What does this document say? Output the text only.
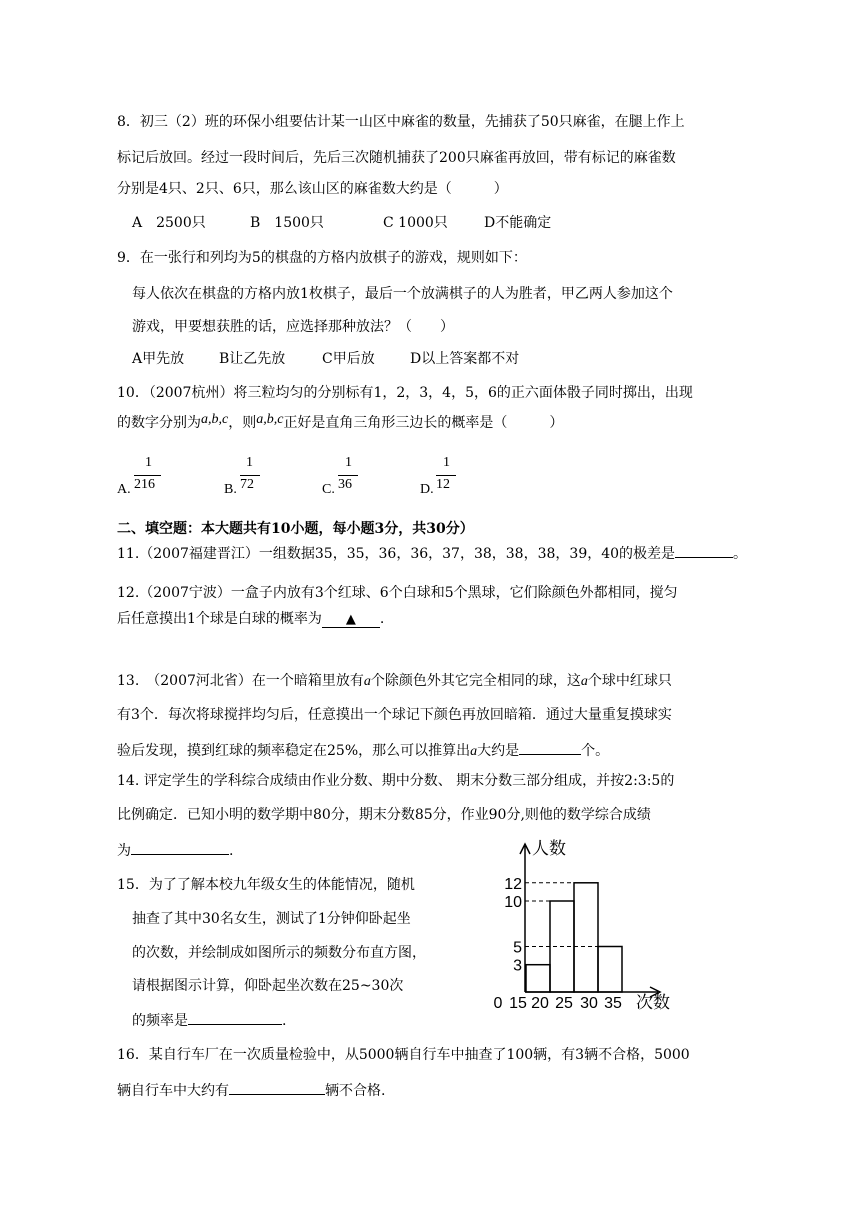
8．初三（2）班的环保小组要估计某一山区中麻雀的数量，先捕获了50只麻雀，在腿上作上
标记后放回。经过一段时间后，先后三次随机捕获了200只麻雀再放回，带有标记的麻雀数
分别是4只、2只、6只，那么该山区的麻雀数大约是（　　　）
A　2500只	B　1500只	C 1000只	D不能确定
9．在一张行和列均为5的棋盘的方格内放棋子的游戏，规则如下：
每人依次在棋盘的方格内放1枚棋子，最后一个放满棋子的人为胜者，甲乙两人参加这个
游戏，甲要想获胜的话，应选择那种放法？（　　）
A甲先放 B让乙先放	C甲后放	D以上答案都不对
10．（2007杭州）将三粒均匀的分别标有1，2，3，4，5，6的正六面体骰子同时掷出，出现
的数字分别为a,b,c，则a,b,c正好是直角三角形三边长的概率是（　　　）
A.
1
216	B.
1
72	C.
1
36	D.
1
12
二、填空题：本大题共有10小题，每小题3分，共30分）
11.（2007福建晋江）一组数据35，35，36，36，37，38，38，38，39，40的极差是	。
12.（2007宁波）一盒子内放有3个红球、6个白球和5个黑球，它们除颜色外都相同，搅匀
后任意摸出1个球是白球的概率为 ▲ .
13.　（2007河北省）在一个暗箱里放有a个除颜色外其它完全相同的球，这a个球中红球只
有3个．每次将球搅拌均匀后，任意摸出一个球记下颜色再放回暗箱．通过大量重复摸球实
验后发现，摸到红球的频率稳定在25%，那么可以推算出a大约是	个。
14. 评定学生的学科综合成绩由作业分数、期中分数、 期末分数三部分组成，并按2:3:5的
比例确定．已知小明的数学期中80分，期末分数85分，作业90分,则他的数学综合成绩
为	.
15．为了了解本校九年级女生的体能情况，随机
抽查了其中30名女生，测试了1分钟仰卧起坐
的次数，并绘制成如图所示的频数分布直方图，
请根据图示计算，仰卧起坐次数在25~30次
的频率是	.
人数
次数
3
5
10
12
0 15 20 25 30 35
16．某自行车厂在一次质量检验中，从5000辆自行车中抽查了100辆，有3辆不合格，5000
辆自行车中大约有	辆不合格.
